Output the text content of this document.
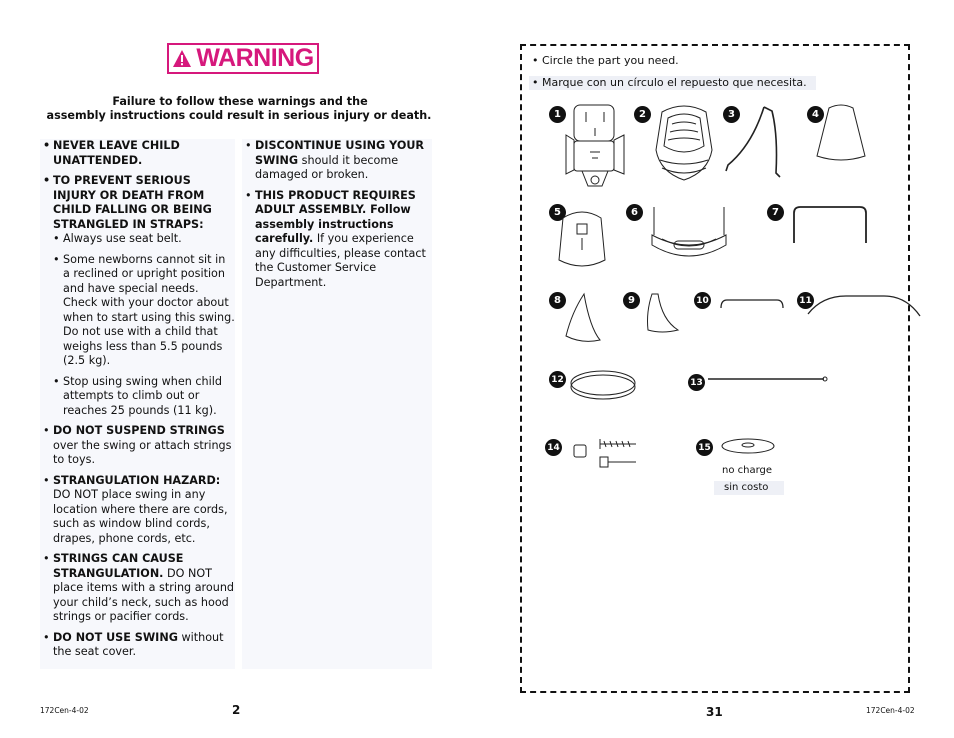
WARNING
Failure to follow these warnings and the
assembly instructions could result in serious injury or death.

• NEVER LEAVE CHILD UNATTENDED.

• TO PREVENT SERIOUS INJURY OR DEATH FROM CHILD FALLING OR BEING STRANGLED IN STRAPS:

• Always use seat belt.

• Some newborns cannot sit in a reclined or upright position and have special needs. Check with your doctor about when to start using this swing. Do not use with a child that weighs less than 5.5 pounds (2.5 kg).

• Stop using swing when child attempts to climb out or reaches 25 pounds (11 kg).

• DO NOT SUSPEND STRINGS over the swing or attach strings to toys.

• STRANGULATION HAZARD: DO NOT place swing in any location where there are cords, such as window blind cords, drapes, phone cords, etc.

• STRINGS CAN CAUSE STRANGULATION. DO NOT place items with a string around your child’s neck, such as hood strings or pacifier cords.

• DO NOT USE SWING without the seat cover.

• DISCONTINUE USING YOUR SWING should it become damaged or broken.

• THIS PRODUCT REQUIRES ADULT ASSEMBLY. Follow assembly instructions carefully. If you experience any difficulties, please contact the Customer Service Department.

• Circle the part you need.
• Marque con un círculo el repuesto que necesita.
1	2	3	4
5	6	7
8	9	10	11
12	13
14	15
no charge
sin costo
172Cen-4-02	2	31	172Cen-4-02
